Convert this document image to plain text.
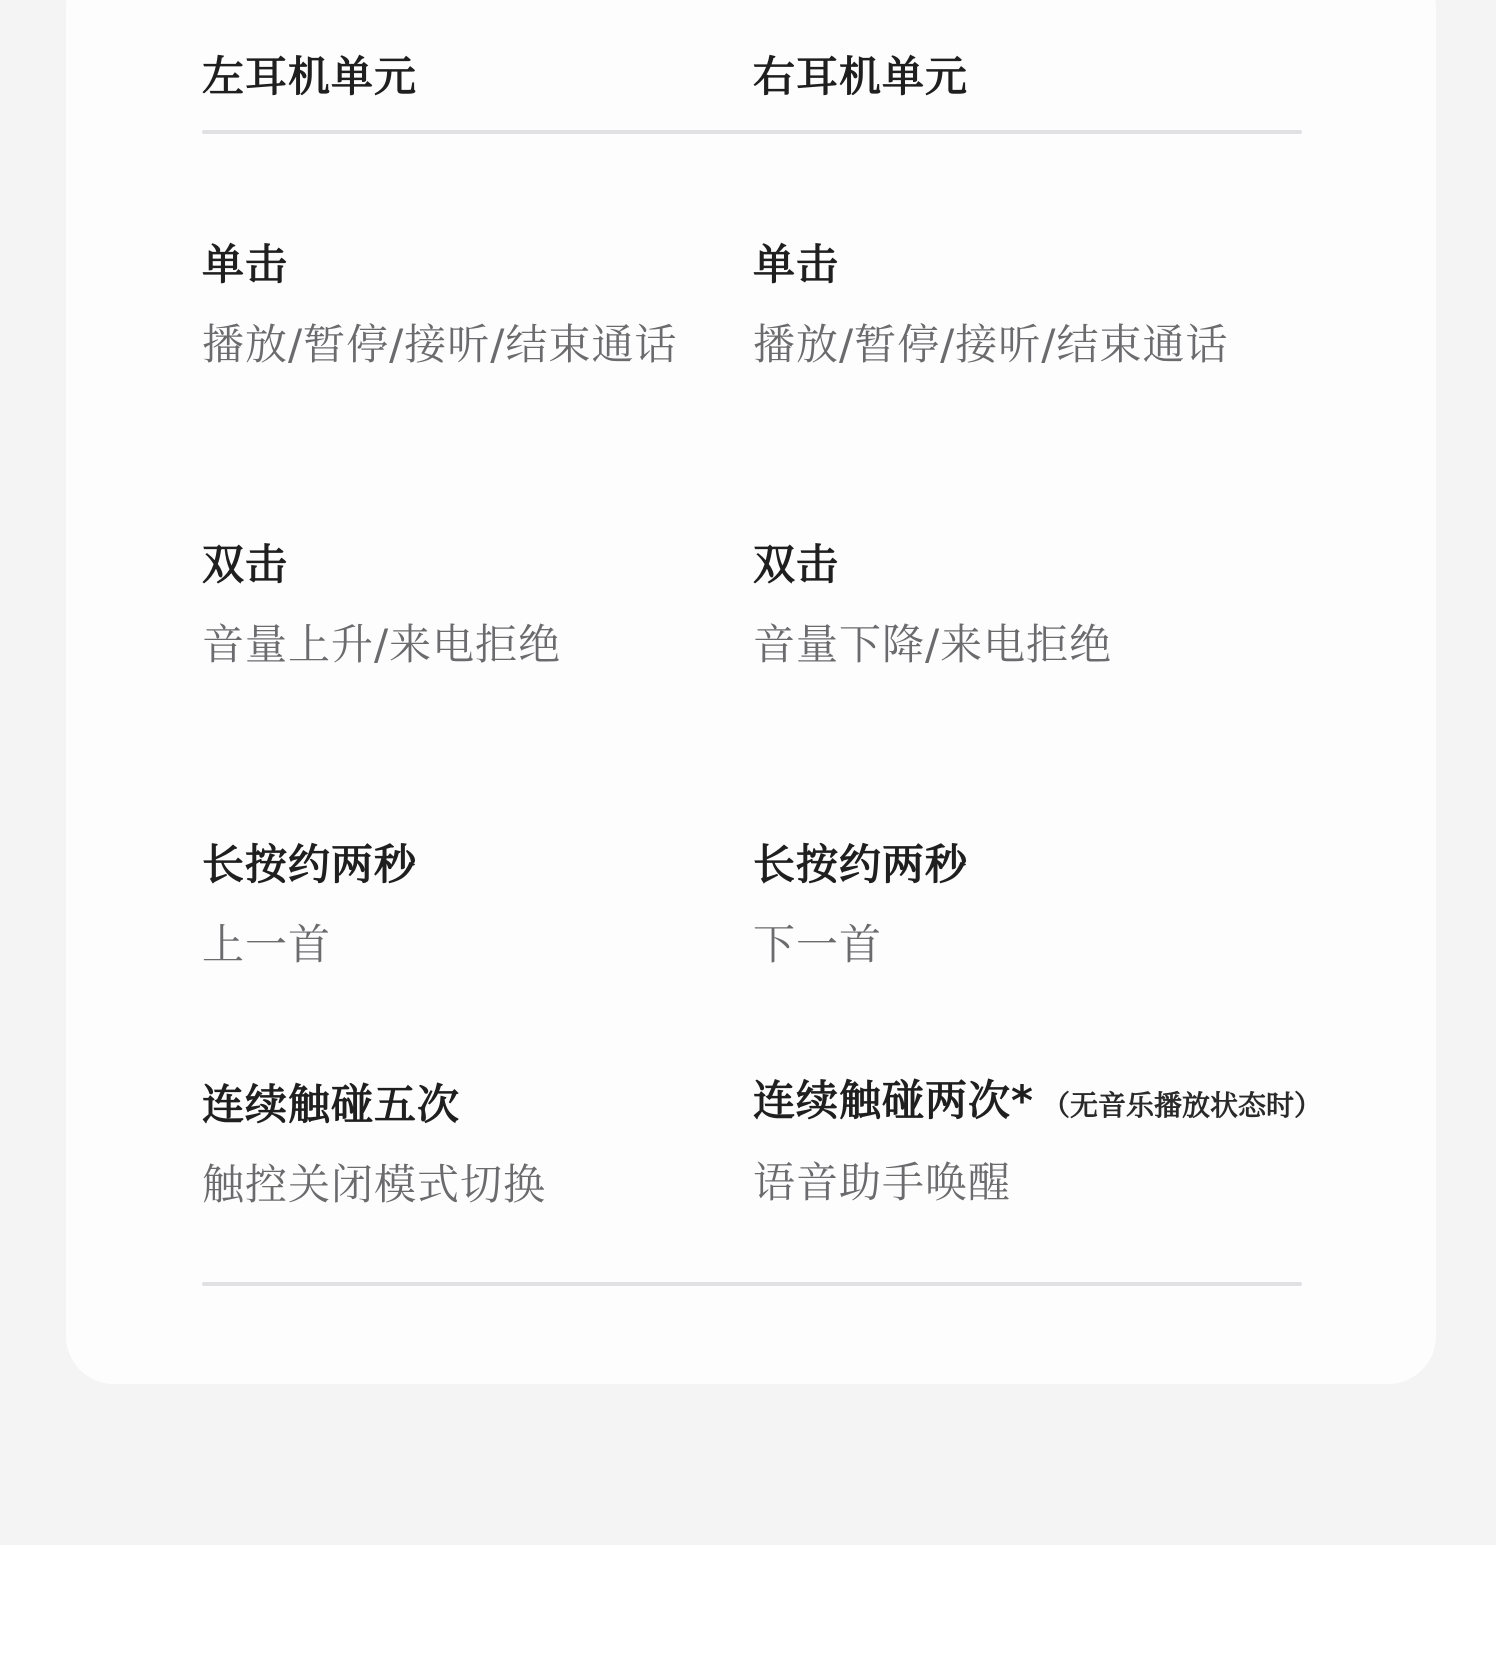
左耳机单元	右耳机单元
单击
播放/暂停/接听/结束通话
单击
播放/暂停/接听/结束通话
双击
音量上升/来电拒绝
双击
音量下降/来电拒绝
长按约两秒
上一首
长按约两秒
下一首
连续触碰五次
触控关闭模式切换
连续触碰两次* （无音乐播放状态时）
语音助手唤醒
